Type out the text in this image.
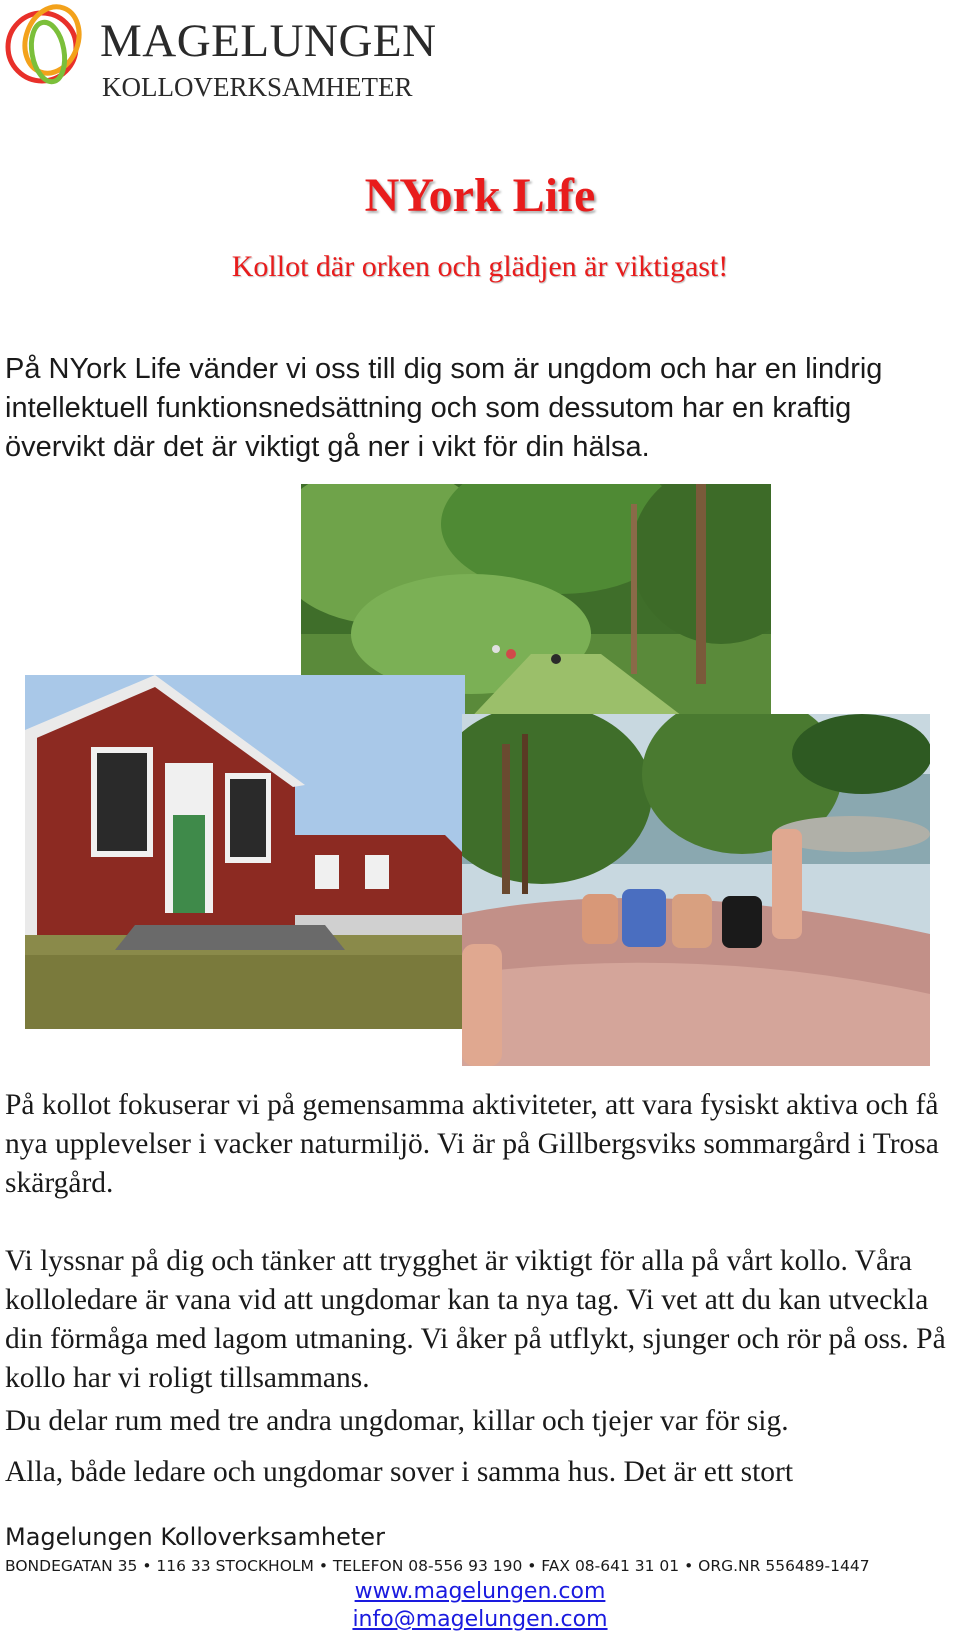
MAGELUNGEN
KOLLOVERKSAMHETER
NYork Life
Kollot där orken och glädjen är viktigast!

På NYork Life vänder vi oss till dig som är ungdom och har en lindrig intellektuell funktionsnedsättning och som dessutom har en kraftig övervikt där det är viktigt gå ner i vikt för din hälsa.

På kollot fokuserar vi på gemensamma aktiviteter, att vara fysiskt aktiva och få nya upplevelser i vacker naturmiljö. Vi är på Gillbergsviks sommargård i Trosa skärgård.

Vi lyssnar på dig och tänker att trygghet är viktigt för alla på vårt kollo. Våra kolloledare är vana vid att ungdomar kan ta nya tag. Vi vet att du kan utveckla din förmåga med lagom utmaning. Vi åker på utflykt, sjunger och rör på oss. På kollo har vi roligt tillsammans.

Du delar rum med tre andra ungdomar, killar och tjejer var för sig.

Alla, både ledare och ungdomar sover i samma hus. Det är ett stort

Magelungen Kolloverksamheter
BONDEGATAN 35 • 116 33 STOCKHOLM • TELEFON 08-556 93 190 • FAX 08-641 31 01 • ORG.NR 556489-1447
www.magelungen.com
info@magelungen.com
